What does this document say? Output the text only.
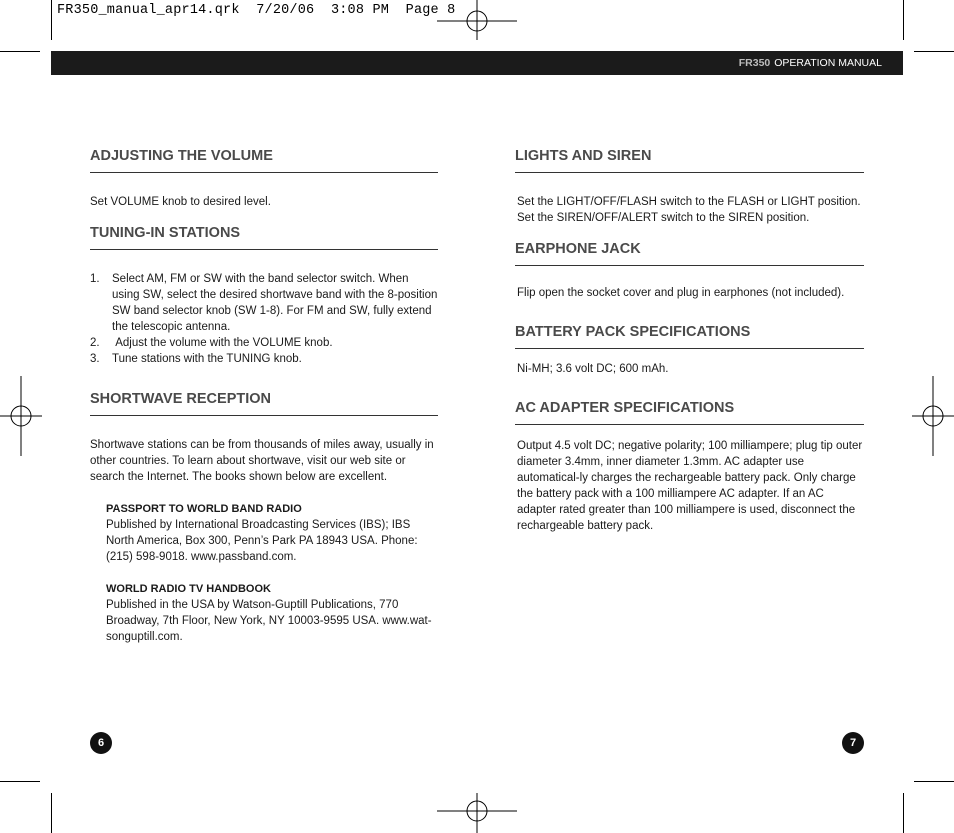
FR350_manual_apr14.qrk  7/20/06  3:08 PM  Page 8
FR350 OPERATION MANUAL
ADJUSTING THE VOLUME

Set VOLUME knob to desired level.

TUNING-IN STATIONS
1. Select AM, FM or SW with the band selector switch. When using SW, select the desired shortwave band with the 8-position SW band selector knob (SW 1-8). For FM and SW, fully extend the telescopic antenna.
2. Adjust the volume with the VOLUME knob.
3. Tune stations with the TUNING knob.
SHORTWAVE RECEPTION

Shortwave stations can be from thousands of miles away, usually in other countries. To learn about shortwave, visit our web site or search the Internet. The books shown below are excellent.

PASSPORT TO WORLD BAND RADIO
Published by International Broadcasting Services (IBS); IBS North America, Box 300, Penn’s Park PA 18943 USA. Phone: (215) 598-9018. www.passband.com.
WORLD RADIO TV HANDBOOK
Published in the USA by Watson-Guptill Publications, 770 Broadway, 7th Floor, New York, NY 10003-9595 USA. www.wat-songuptill.com.
LIGHTS AND SIREN

Set the LIGHT/OFF/FLASH switch to the FLASH or LIGHT position. Set the SIREN/OFF/ALERT switch to the SIREN position.

EARPHONE JACK

Flip open the socket cover and plug in earphones (not included).

BATTERY PACK SPECIFICATIONS

Ni-MH; 3.6 volt DC; 600 mAh.

AC ADAPTER SPECIFICATIONS

Output 4.5 volt DC; negative polarity; 100 milliampere; plug tip outer diameter 3.4mm, inner diameter 1.3mm. AC adapter use automatical-ly charges the rechargeable battery pack. Only charge the battery pack with a 100 milliampere AC adapter. If an AC adapter rated greater than 100 milliampere is used, disconnect the rechargeable battery pack.

6	7
